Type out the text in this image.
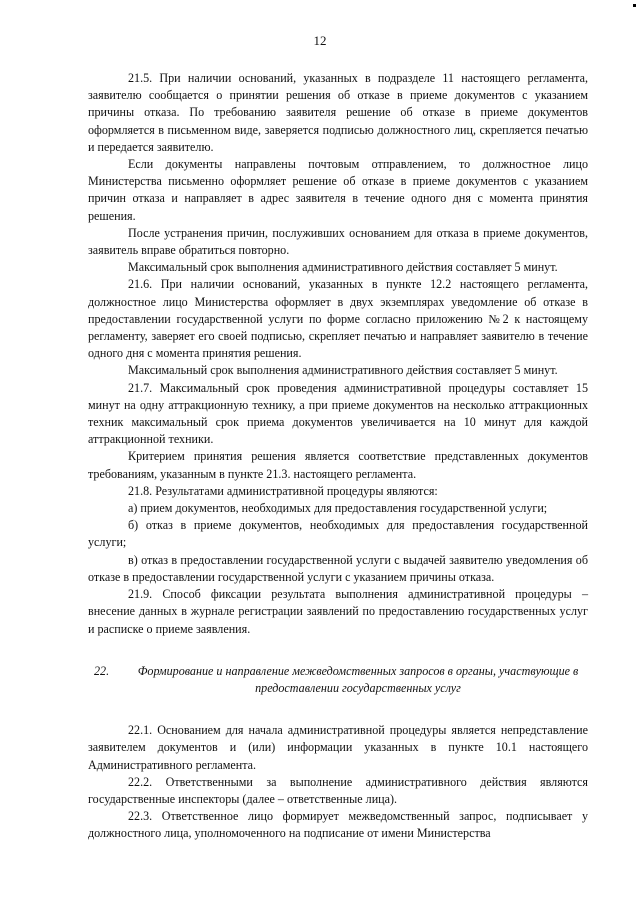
12

21.5. При наличии оснований, указанных в подразделе 11 настоящего регламента, заявителю сообщается о принятии решения об отказе в приеме документов с указанием причины отказа. По требованию заявителя решение об отказе в приеме документов оформляется в письменном виде, заверяется подписью должностного лиц, скрепляется печатью и передается заявителю.

Если документы направлены почтовым отправлением, то должностное лицо Министерства письменно оформляет решение об отказе в приеме документов с указанием причин отказа и направляет в адрес заявителя в течение одного дня с момента принятия решения.

После устранения причин, послуживших основанием для отказа в приеме документов, заявитель вправе обратиться повторно.

Максимальный срок выполнения административного действия составляет 5 минут.

21.6. При наличии оснований, указанных в пункте 12.2 настоящего регламента, должностное лицо Министерства оформляет в двух экземплярах уведомление об отказе в предоставлении государственной услуги по форме согласно приложению №2 к настоящему регламенту, заверяет его своей подписью, скрепляет печатью и направляет заявителю в течение одного дня с момента принятия решения.

Максимальный срок выполнения административного действия составляет 5 минут.

21.7. Максимальный срок проведения административной процедуры составляет 15 минут на одну аттракционную технику, а при приеме документов на несколько аттракционных техник максимальный срок приема документов увеличивается на 10 минут для каждой аттракционной техники.

Критерием принятия решения является соответствие представленных документов требованиям, указанным в пункте 21.3. настоящего регламента.

21.8. Результатами административной процедуры являются:

а) прием документов, необходимых для предоставления государственной услуги;

б) отказ в приеме документов, необходимых для предоставления государственной услуги;

в) отказ в предоставлении государственной услуги с выдачей заявителю уведомления об отказе в предоставлении государственной услуги с указанием причины отказа.

21.9. Способ фиксации результата выполнения административной процедуры – внесение данных в журнале регистрации заявлений по предоставлению государственных услуг и расписке о приеме заявления.

22. Формирование и направление межведомственных запросов в органы, участвующие в предоставлении государственных услуг

22.1. Основанием для начала административной процедуры является непредставление заявителем документов и (или) информации указанных в пункте 10.1 настоящего Административного регламента.

22.2. Ответственными за выполнение административного действия являются государственные инспекторы (далее – ответственные лица).

22.3. Ответственное лицо формирует межведомственный запрос, подписывает у должностного лица, уполномоченного на подписание от имени Министерства
